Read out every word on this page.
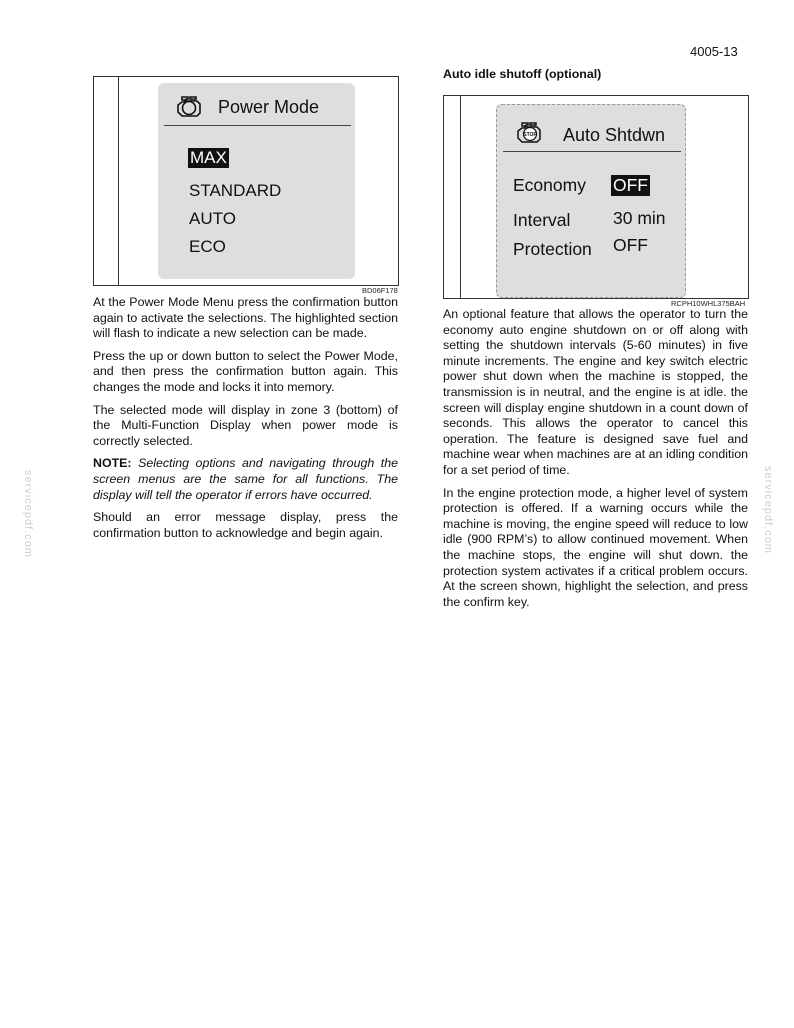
4005-13
servicepdf.com	servicepdf.com
Power Mode
MAX
STANDARD
AUTO
ECO
BD06F178

At the Power Mode Menu press the confirmation button again to activate the selections. The highlighted section will flash to indicate a new selection can be made.

Press the up or down button to select the Power Mode, and then press the confirmation button again. This changes the mode and locks it into memory.

The selected mode will display in zone 3 (bottom) of the Multi-Function Display when power mode is correctly selected.

NOTE: Selecting options and navigating through the screen menus are the same for all functions. The display will tell the operator if errors have occurred.

Should an error message display, press the confirmation button to acknowledge and begin again.

Auto idle shutoff (optional)
STOP Auto Shtdwn
Economy OFF
Interval 30 min
Protection OFF
RCPH10WHL375BAH

An optional feature that allows the operator to turn the economy auto engine shutdown on or off along with setting the shutdown intervals (5-60 minutes) in five minute increments. The engine and key switch electric power shut down when the machine is stopped, the transmission is in neutral, and the engine is at idle. the screen will display engine shutdown in a count down of seconds. This allows the operator to cancel this operation. The feature is designed save fuel and machine wear when machines are at an idling condition for a set period of time.

In the engine protection mode, a higher level of system protection is offered. If a warning occurs while the machine is moving, the engine speed will reduce to low idle (900 RPM’s) to allow continued movement. When the machine stops, the engine will shut down. the protection system activates if a critical problem occurs. At the screen shown, highlight the selection, and press the confirm key.
